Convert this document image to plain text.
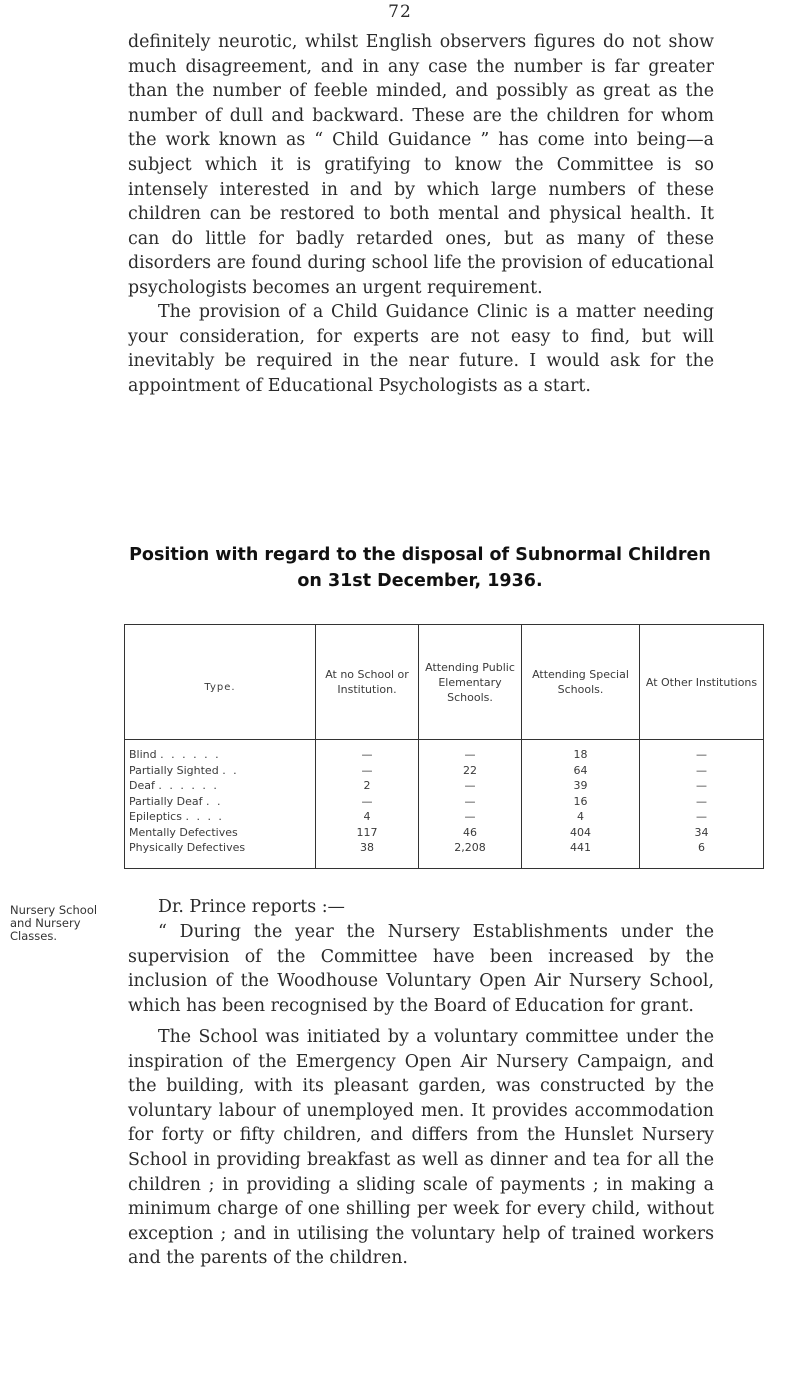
72

definitely neurotic, whilst English observers figures do not show much disagreement, and in any case the number is far greater than the number of feeble minded, and possibly as great as the number of dull and backward. These are the children for whom the work known as “ Child Guidance ” has come into being—a subject which it is gratifying to know the Committee is so intensely interested in and by which large numbers of these children can be restored to both mental and physical health. It can do little for badly retarded ones, but as many of these disorders are found during school life the provision of educational psychologists becomes an urgent requirement.

The provision of a Child Guidance Clinic is a matter needing your consideration, for experts are not easy to find, but will inevitably be required in the near future. I would ask for the appointment of Educational Psychologists as a start.

Position with regard to the disposal of Subnormal Children
on 31st December, 1936.
Type.	At no School or Institution.	Attending Public Elementary Schools.	Attending Special Schools.	At Other Institutions
Blind . . . . . .	—	—	18	—
Partially Sighted . .	—	22	64	—
Deaf . . . . . .	2	—	39	—
Partially Deaf . .	—	—	16	—
Epileptics . . . .	4	—	4	—
Mentally Defectives	117	46	404	34
Physically Defectives	38	2,208	441	6
Nursery School
and Nursery
Classes.

Dr. Prince reports :—

“ During the year the Nursery Establishments under the supervision of the Committee have been increased by the inclusion of the Woodhouse Voluntary Open Air Nursery School, which has been recognised by the Board of Education for grant.

The School was initiated by a voluntary committee under the inspiration of the Emergency Open Air Nursery Campaign, and the building, with its pleasant garden, was constructed by the voluntary labour of unemployed men. It provides accommodation for forty or fifty children, and differs from the Hunslet Nursery School in providing breakfast as well as dinner and tea for all the children ; in providing a sliding scale of payments ; in making a minimum charge of one shilling per week for every child, without exception ; and in utilising the voluntary help of trained workers and the parents of the children.
